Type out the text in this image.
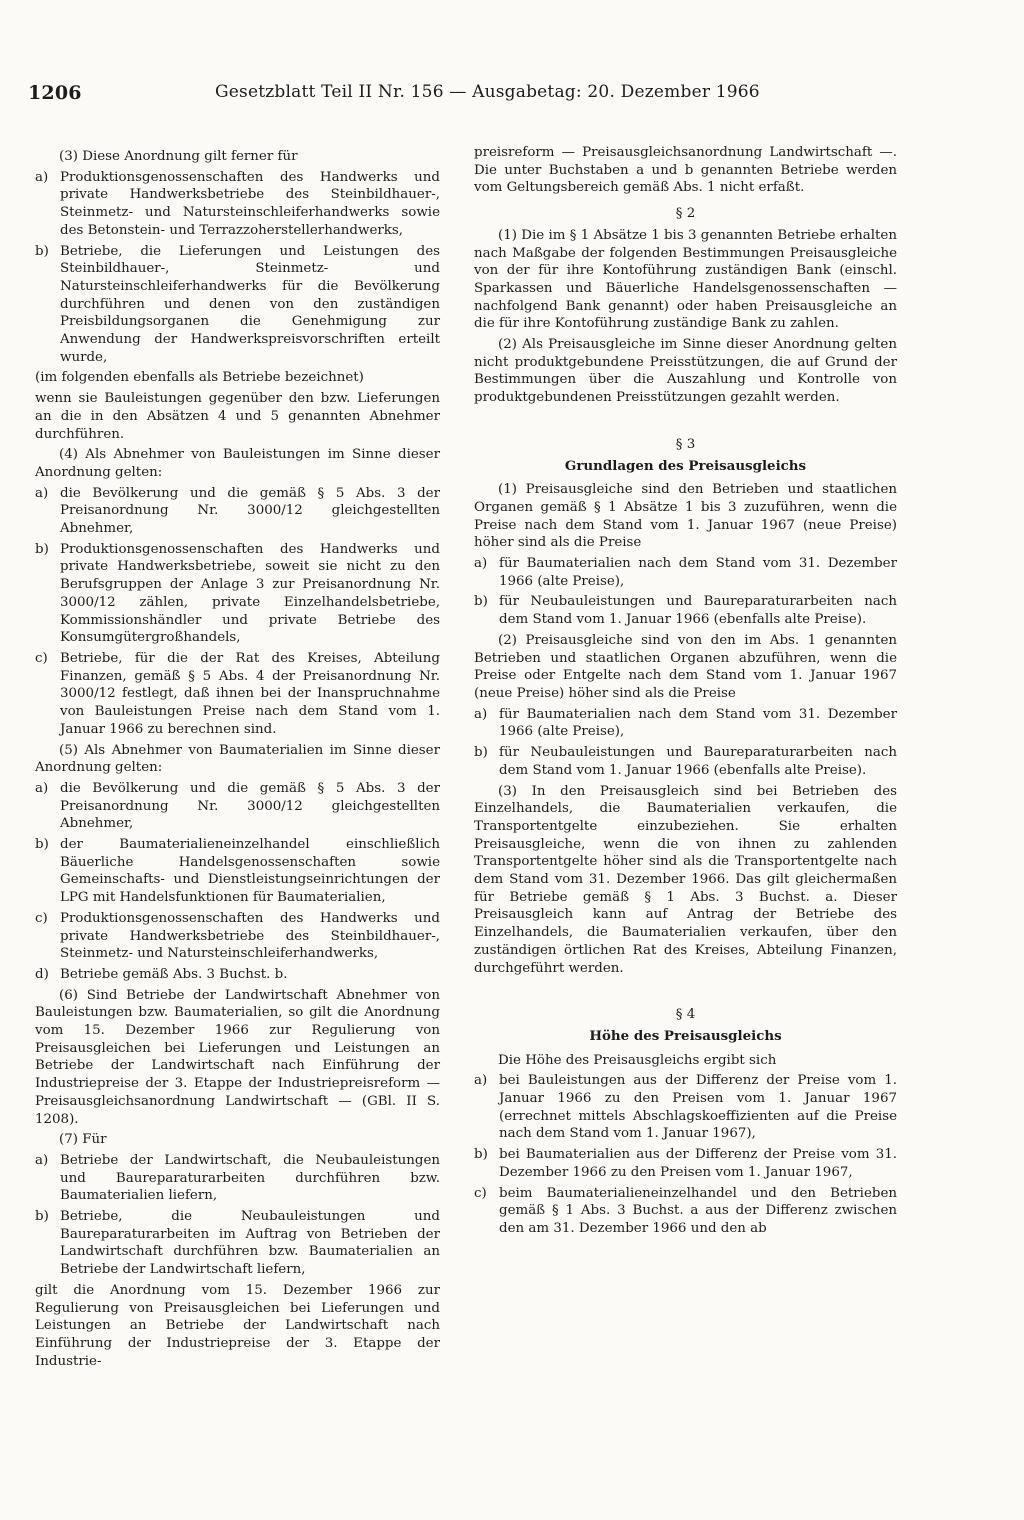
1206	Gesetzblatt Teil II Nr. 156 — Ausgabetag: 20. Dezember 1966

(3) Diese Anordnung gilt ferner für

a) Produktionsgenossenschaften des Handwerks und private Handwerksbetriebe des Steinbildhauer-, Steinmetz- und Natursteinschleiferhandwerks sowie des Betonstein- und Terrazzoherstellerhandwerks,
b) Betriebe, die Lieferungen und Leistungen des Steinbildhauer-, Steinmetz- und Natursteinschleiferhandwerks für die Bevölkerung durchführen und denen von den zuständigen Preisbildungsorganen die Genehmigung zur Anwendung der Handwerkspreisvorschriften erteilt wurde,

(im folgenden ebenfalls als Betriebe bezeichnet)

wenn sie Bauleistungen gegenüber den bzw. Lieferungen an die in den Absätzen 4 und 5 genannten Abnehmer durchführen.

(4) Als Abnehmer von Bauleistungen im Sinne dieser Anordnung gelten:

a) die Bevölkerung und die gemäß § 5 Abs. 3 der Preisanordnung Nr. 3000/12 gleichgestellten Abnehmer,
b) Produktionsgenossenschaften des Handwerks und private Handwerksbetriebe, soweit sie nicht zu den Berufsgruppen der Anlage 3 zur Preisanordnung Nr. 3000/12 zählen, private Einzelhandelsbetriebe, Kommissionshändler und private Betriebe des Konsumgütergroßhandels,
c) Betriebe, für die der Rat des Kreises, Abteilung Finanzen, gemäß § 5 Abs. 4 der Preisanordnung Nr. 3000/12 festlegt, daß ihnen bei der Inanspruchnahme von Bauleistungen Preise nach dem Stand vom 1. Januar 1966 zu berechnen sind.

(5) Als Abnehmer von Baumaterialien im Sinne dieser Anordnung gelten:

a) die Bevölkerung und die gemäß § 5 Abs. 3 der Preisanordnung Nr. 3000/12 gleichgestellten Abnehmer,
b) der Baumaterialieneinzelhandel einschließlich Bäuerliche Handelsgenossenschaften sowie Gemeinschafts- und Dienstleistungseinrichtungen der LPG mit Handelsfunktionen für Baumaterialien,
c) Produktionsgenossenschaften des Handwerks und private Handwerksbetriebe des Steinbildhauer-, Steinmetz- und Natursteinschleiferhandwerks,
d) Betriebe gemäß Abs. 3 Buchst. b.

(6) Sind Betriebe der Landwirtschaft Abnehmer von Bauleistungen bzw. Baumaterialien, so gilt die Anordnung vom 15. Dezember 1966 zur Regulierung von Preisausgleichen bei Lieferungen und Leistungen an Betriebe der Landwirtschaft nach Einführung der Industriepreise der 3. Etappe der Industriepreisreform — Preisausgleichsanordnung Landwirtschaft — (GBl. II S. 1208).

(7) Für

a) Betriebe der Landwirtschaft, die Neubauleistungen und Baureparaturarbeiten durchführen bzw. Baumaterialien liefern,
b) Betriebe, die Neubauleistungen und Baureparaturarbeiten im Auftrag von Betrieben der Landwirtschaft durchführen bzw. Baumaterialien an Betriebe der Landwirtschaft liefern,

gilt die Anordnung vom 15. Dezember 1966 zur Regulierung von Preisausgleichen bei Lieferungen und Leistungen an Betriebe der Landwirtschaft nach Einführung der Industriepreise der 3. Etappe der Industrie-

preisreform — Preisausgleichsanordnung Landwirtschaft —. Die unter Buchstaben a und b genannten Betriebe werden vom Geltungsbereich gemäß Abs. 1 nicht erfaßt.

§ 2

(1) Die im § 1 Absätze 1 bis 3 genannten Betriebe erhalten nach Maßgabe der folgenden Bestimmungen Preisausgleiche von der für ihre Kontoführung zuständigen Bank (einschl. Sparkassen und Bäuerliche Handelsgenossenschaften — nachfolgend Bank genannt) oder haben Preisausgleiche an die für ihre Kontoführung zuständige Bank zu zahlen.

(2) Als Preisausgleiche im Sinne dieser Anordnung gelten nicht produktgebundene Preisstützungen, die auf Grund der Bestimmungen über die Auszahlung und Kontrolle von produktgebundenen Preisstützungen gezahlt werden.

§ 3

Grundlagen des Preisausgleichs

(1) Preisausgleiche sind den Betrieben und staatlichen Organen gemäß § 1 Absätze 1 bis 3 zuzuführen, wenn die Preise nach dem Stand vom 1. Januar 1967 (neue Preise) höher sind als die Preise

a) für Baumaterialien nach dem Stand vom 31. Dezember 1966 (alte Preise),
b) für Neubauleistungen und Baureparaturarbeiten nach dem Stand vom 1. Januar 1966 (ebenfalls alte Preise).

(2) Preisausgleiche sind von den im Abs. 1 genannten Betrieben und staatlichen Organen abzuführen, wenn die Preise oder Entgelte nach dem Stand vom 1. Januar 1967 (neue Preise) höher sind als die Preise

a) für Baumaterialien nach dem Stand vom 31. Dezember 1966 (alte Preise),
b) für Neubauleistungen und Baureparaturarbeiten nach dem Stand vom 1. Januar 1966 (ebenfalls alte Preise).

(3) In den Preisausgleich sind bei Betrieben des Einzelhandels, die Baumaterialien verkaufen, die Transportentgelte einzubeziehen. Sie erhalten Preisausgleiche, wenn die von ihnen zu zahlenden Transportentgelte höher sind als die Transportentgelte nach dem Stand vom 31. Dezember 1966. Das gilt gleichermaßen für Betriebe gemäß § 1 Abs. 3 Buchst. a. Dieser Preisausgleich kann auf Antrag der Betriebe des Einzelhandels, die Baumaterialien verkaufen, über den zuständigen örtlichen Rat des Kreises, Abteilung Finanzen, durchgeführt werden.

§ 4

Höhe des Preisausgleichs

Die Höhe des Preisausgleichs ergibt sich

a) bei Bauleistungen aus der Differenz der Preise vom 1. Januar 1966 zu den Preisen vom 1. Januar 1967 (errechnet mittels Abschlagskoeffizienten auf die Preise nach dem Stand vom 1. Januar 1967),
b) bei Baumaterialien aus der Differenz der Preise vom 31. Dezember 1966 zu den Preisen vom 1. Januar 1967,
c) beim Baumaterialieneinzelhandel und den Betrieben gemäß § 1 Abs. 3 Buchst. a aus der Differenz zwischen den am 31. Dezember 1966 und den ab
